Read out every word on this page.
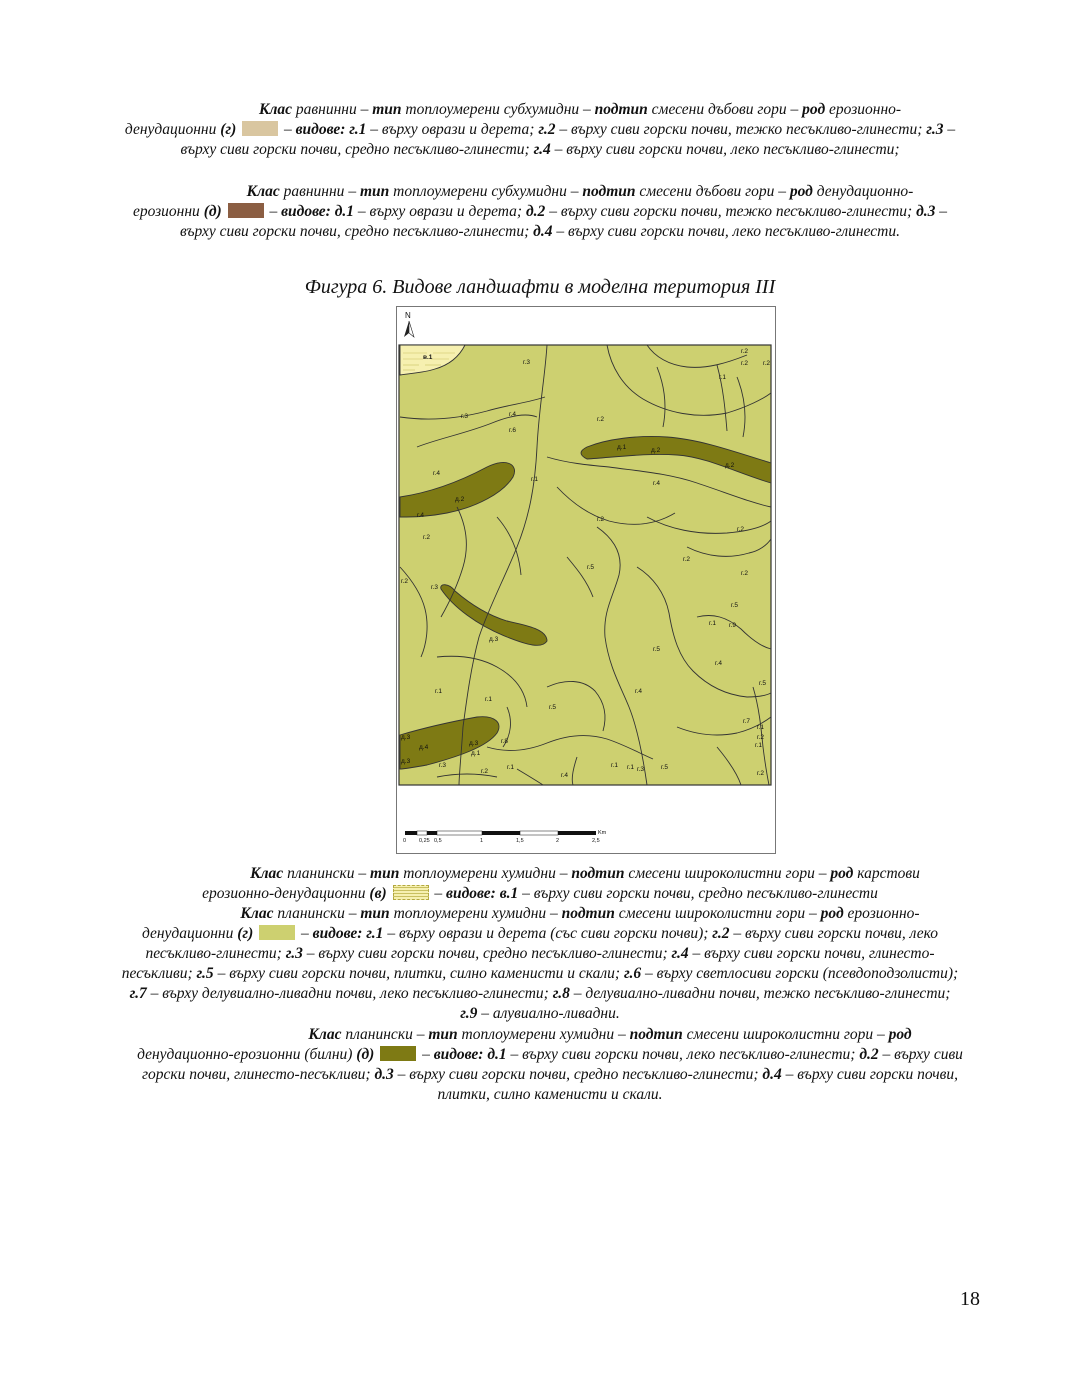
Клас равнинни – тип топлоумерени субхумидни – подтип смесени дъбови гори – род ерозионно-
денудационни (г)	– видове: г.1 – върху оврази и дерета; г.2 – върху сиви горски почви, тежко песъкливо-глинести; г.3 – върху сиви горски почви, средно песъкливо-глинести; г.4 – върху сиви горски почви, леко песъкливо-глинести;
Клас равнинни – тип топлоумерени субхумидни – подтип смесени дъбови гори – род денудационно-
ерозионни (д)	– видове: д.1 – върху оврази и дерета; д.2 – върху сиви горски почви, тежко песъкливо-глинести; д.3 – върху сиви горски почви, средно песъкливо-глинести; д.4 – върху сиви горски почви, леко песъкливо-глинести.
Фигура 6. Видове ландшафти в моделна територия III
в.1
г.3
г.3	г.4
г.6
г.2
г.2
г.2
г.1
г.2
д.1	д.2
д.2
г.4
г.1
г.4
д.2
г.4
г.2
г.2
г.2
г.2
г.2
г.5
г.3
г.2
г.5
г.1 г.9
д.3
г.5
г.4
г.5
г.1
г.1
г.4
г.5
г.7
г.1
г.2
г.1
д.3
д.4
д.3
д.1
г.8
д.3
г.3
г.2
г.1
г.4
г.1 г.1 г.3	г.5
г.2
N
0 0,25 0,5	1	1,5	2	2,5
Km
Клас планински – тип топлоумерени хумидни – подтип смесени широколистни гори – род карстови
ерозионно-денудационни (в)	– видове: в.1 – върху сиви горски почви, средно песъкливо-глинести
Клас планински – тип топлоумерени хумидни – подтип смесени широколистни гори – род ерозионно-
денудационни (г)	– видове: г.1 – върху оврази и дерета (със сиви горски почви); г.2 – върху сиви горски почви, леко песъкливо-глинести; г.3 – върху сиви горски почви, средно песъкливо-глинести; г.4 – върху сиви горски почви, глинесто-песъкливи; г.5 – върху сиви горски почви, плитки, силно каменисти и скали; г.6 – върху светлосиви горски (псевдоподзолисти); г.7 – върху делувиално-ливадни почви, леко песъкливо-глинести; г.8 – делувиално-ливадни почви, тежко песъкливо-глинести; г.9 – алувиално-ливадни.
Клас планински – тип топлоумерени хумидни – подтип смесени широколистни гори – род
денудационно-ерозионни (билни) (д)	– видове: д.1 – върху сиви горски почви, леко песъкливо-глинести; д.2 – върху сиви горски почви, глинесто-песъкливи; д.3 – върху сиви горски почви, средно песъкливо-глинести; д.4 – върху сиви горски почви, плитки, силно каменисти и скали.
18
